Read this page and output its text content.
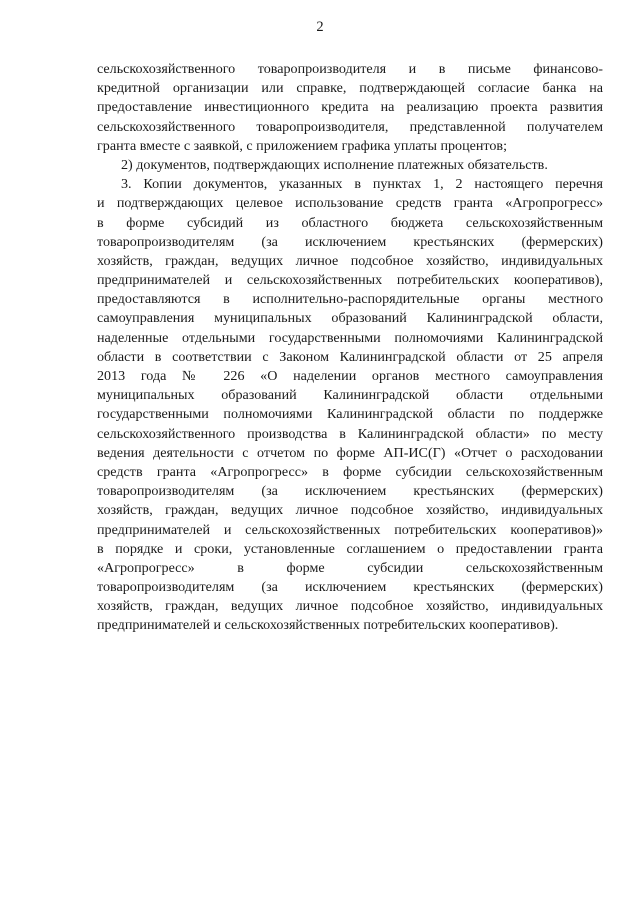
2
сельскохозяйственного товаропроизводителя и в письме финансово-
кредитной организации или справке, подтверждающей согласие банка на
предоставление инвестиционного кредита на реализацию проекта развития
сельскохозяйственного товаропроизводителя, представленной получателем
гранта вместе с заявкой, с приложением графика уплаты процентов;
2) документов, подтверждающих исполнение платежных обязательств.
3. Копии документов, указанных в пунктах 1, 2 настоящего перечня
и подтверждающих целевое использование средств гранта «Агропрогресс»
в форме субсидий из областного бюджета сельскохозяйственным
товаропроизводителям (за исключением крестьянских (фермерских)
хозяйств, граждан, ведущих личное подсобное хозяйство, индивидуальных
предпринимателей и сельскохозяйственных потребительских кооперативов),
предоставляются в исполнительно-распорядительные органы местного
самоуправления муниципальных образований Калининградской области,
наделенные отдельными государственными полномочиями Калининградской
области в соответствии с Законом Калининградской области от 25 апреля
2013 года № 226 «О наделении органов местного самоуправления
муниципальных образований Калининградской области отдельными
государственными полномочиями Калининградской области по поддержке
сельскохозяйственного производства в Калининградской области» по месту
ведения деятельности с отчетом по форме АП-ИС(Г) «Отчет о расходовании
средств гранта «Агропрогресс» в форме субсидии сельскохозяйственным
товаропроизводителям (за исключением крестьянских (фермерских)
хозяйств, граждан, ведущих личное подсобное хозяйство, индивидуальных
предпринимателей и сельскохозяйственных потребительских кооперативов)»
в порядке и сроки, установленные соглашением о предоставлении гранта
«Агропрогресс» в форме субсидии сельскохозяйственным
товаропроизводителям (за исключением крестьянских (фермерских)
хозяйств, граждан, ведущих личное подсобное хозяйство, индивидуальных
предпринимателей и сельскохозяйственных потребительских кооперативов).
